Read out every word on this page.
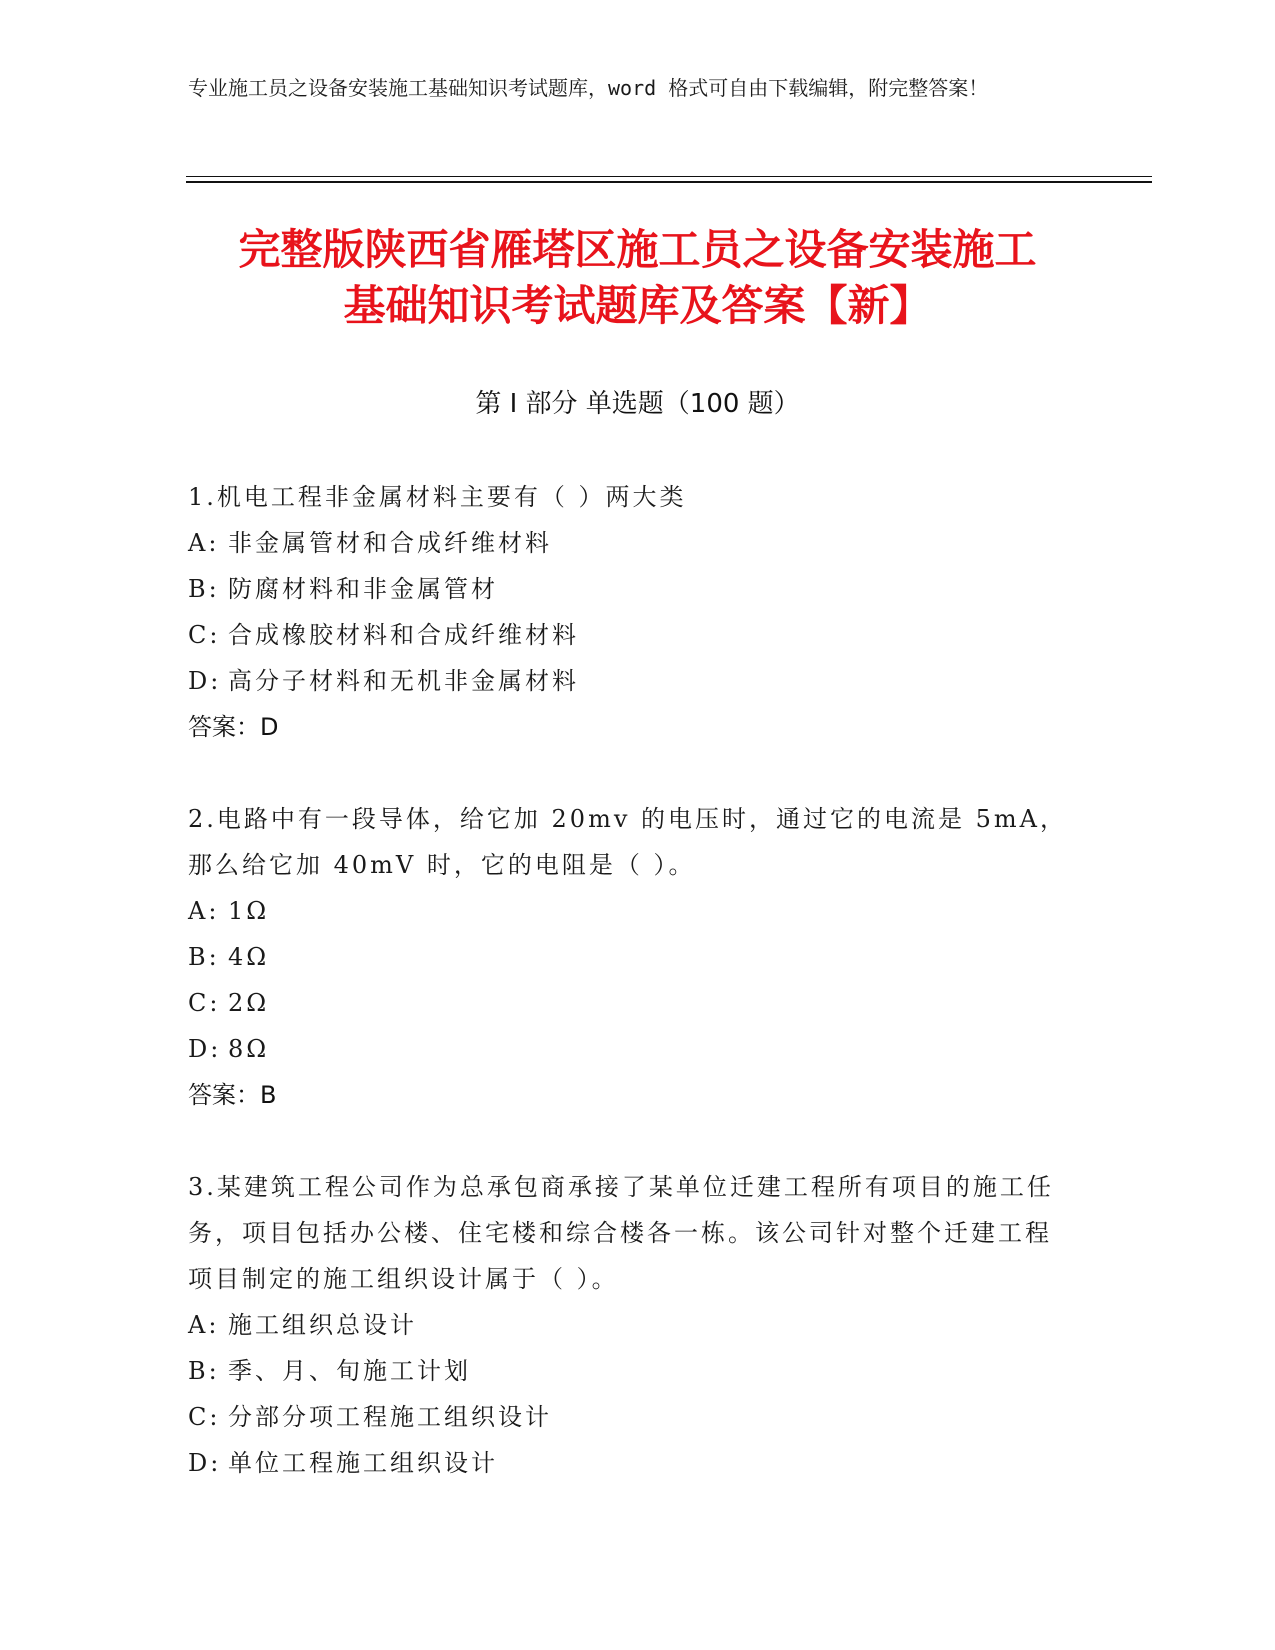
专业施工员之设备安装施工基础知识考试题库，word 格式可自由下载编辑，附完整答案！
完整版陕西省雁塔区施工员之设备安装施工
基础知识考试题库及答案【新】
第 I 部分 单选题（100 题）
1.机电工程非金属材料主要有（ ）两大类
A: 非金属管材和合成纤维材料
B: 防腐材料和非金属管材
C: 合成橡胶材料和合成纤维材料
D: 高分子材料和无机非金属材料
答案：D
2.电路中有一段导体，给它加 20mv 的电压时，通过它的电流是 5mA，那么给它加 40mV 时，它的电阻是（ ）。
A: 1Ω
B: 4Ω
C: 2Ω
D: 8Ω
答案：B
3.某建筑工程公司作为总承包商承接了某单位迁建工程所有项目的施工任务，项目包括办公楼、住宅楼和综合楼各一栋。该公司针对整个迁建工程项目制定的施工组织设计属于（ ）。
A: 施工组织总设计
B: 季、月、旬施工计划
C: 分部分项工程施工组织设计
D: 单位工程施工组织设计
